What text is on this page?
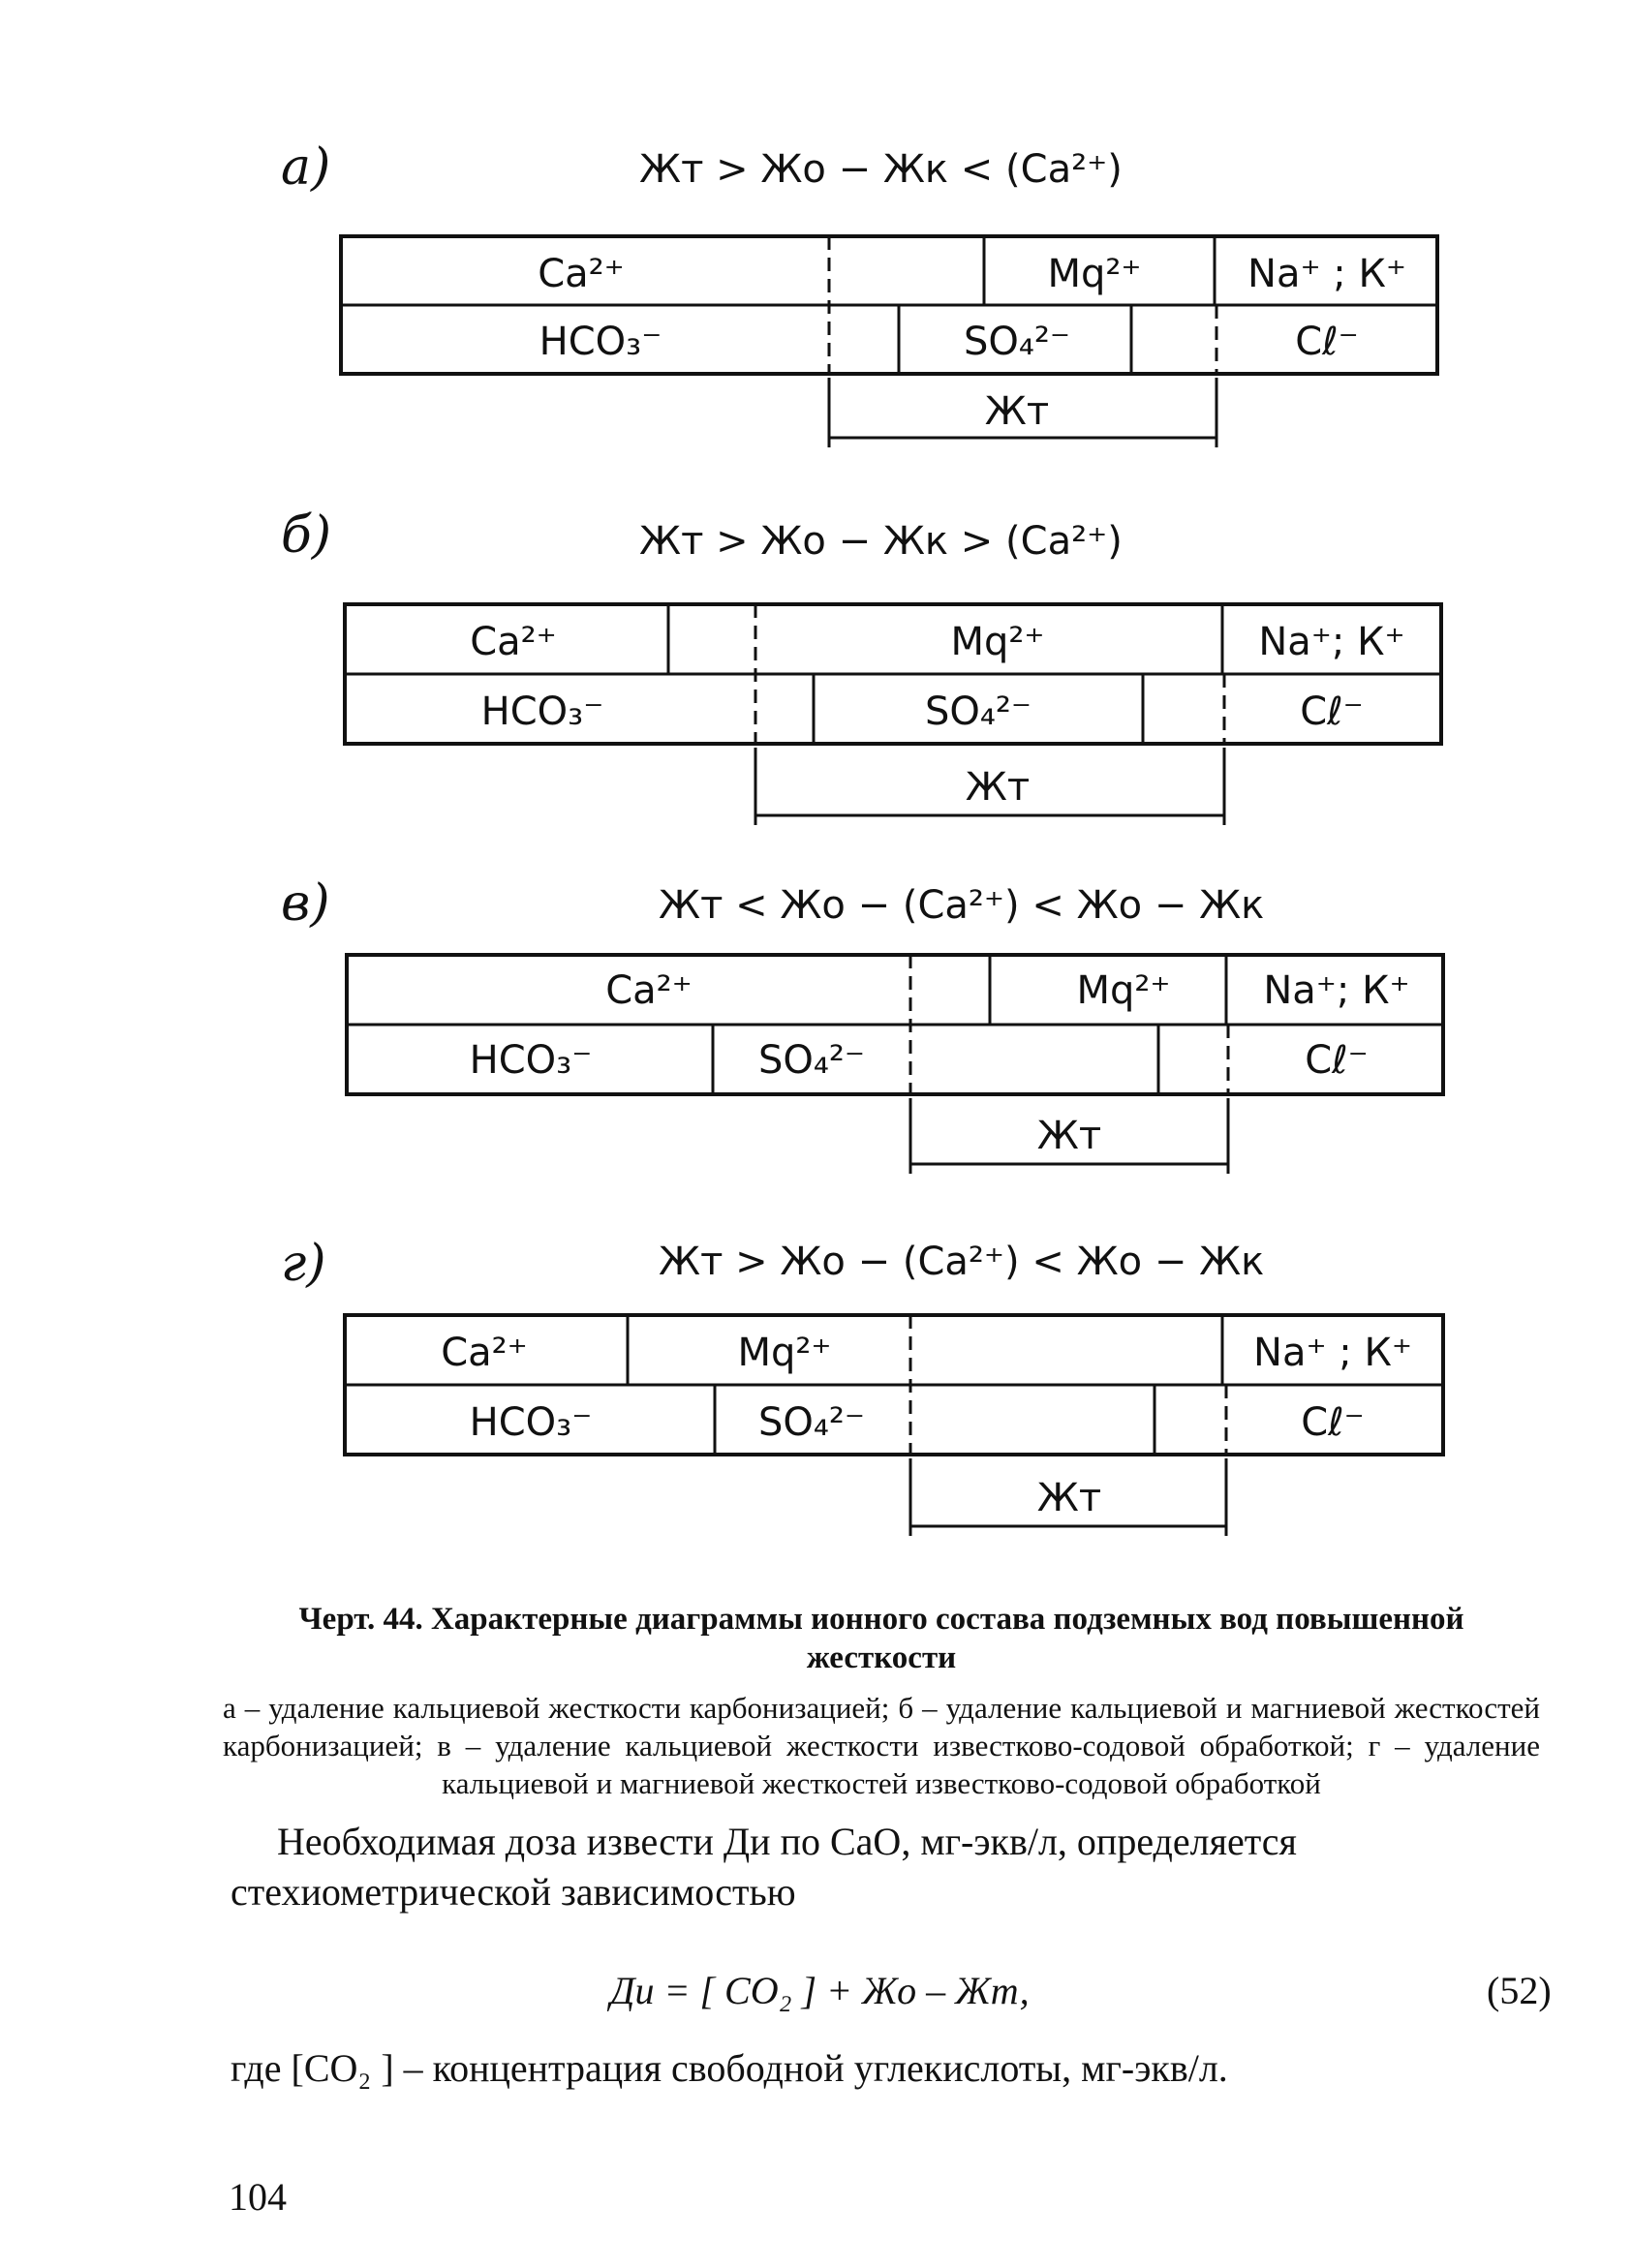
а)	Жт > Жо − Жк < (Са²⁺)
Са²⁺	Мq²⁺	Nа⁺ ; К⁺
НСО₃⁻	SO₄²⁻	Сℓ⁻
Жт
б)	Жт > Жо − Жк > (Са²⁺)
Са²⁺	Мq²⁺	Nа⁺; К⁺
НСО₃⁻	SO₄²⁻	Сℓ⁻
Жт
в)	Жт < Жо − (Са²⁺) < Жо − Жк
Са²⁺	Мq²⁺ Nа⁺; К⁺
НСО₃⁻	SO₄²⁻	Сℓ⁻
Жт
г)	Жт > Жо − (Са²⁺) < Жо − Жк
Са²⁺	Мq²⁺	Nа⁺ ; К⁺
НСО₃⁻	SO₄²⁻	Сℓ⁻
Жт
Черт. 44. Характерные диаграммы ионного состава подземных вод повышенной жесткости
а – удаление кальциевой жесткости карбонизацией; б – удаление кальциевой и магниевой жесткостей карбонизацией; в – удаление кальциевой жесткости известково-содовой обработкой; г – удаление кальциевой и магниевой жесткостей известково-содовой обработкой
Необходимая доза извести Ди по СаО, мг-экв/л, определяется стехиометрической зависимостью
Ди = [ СО₂ ] + Жо – Жт,	(52)
где [СО₂ ] – концентрация свободной углекислоты, мг-экв/л.
104
